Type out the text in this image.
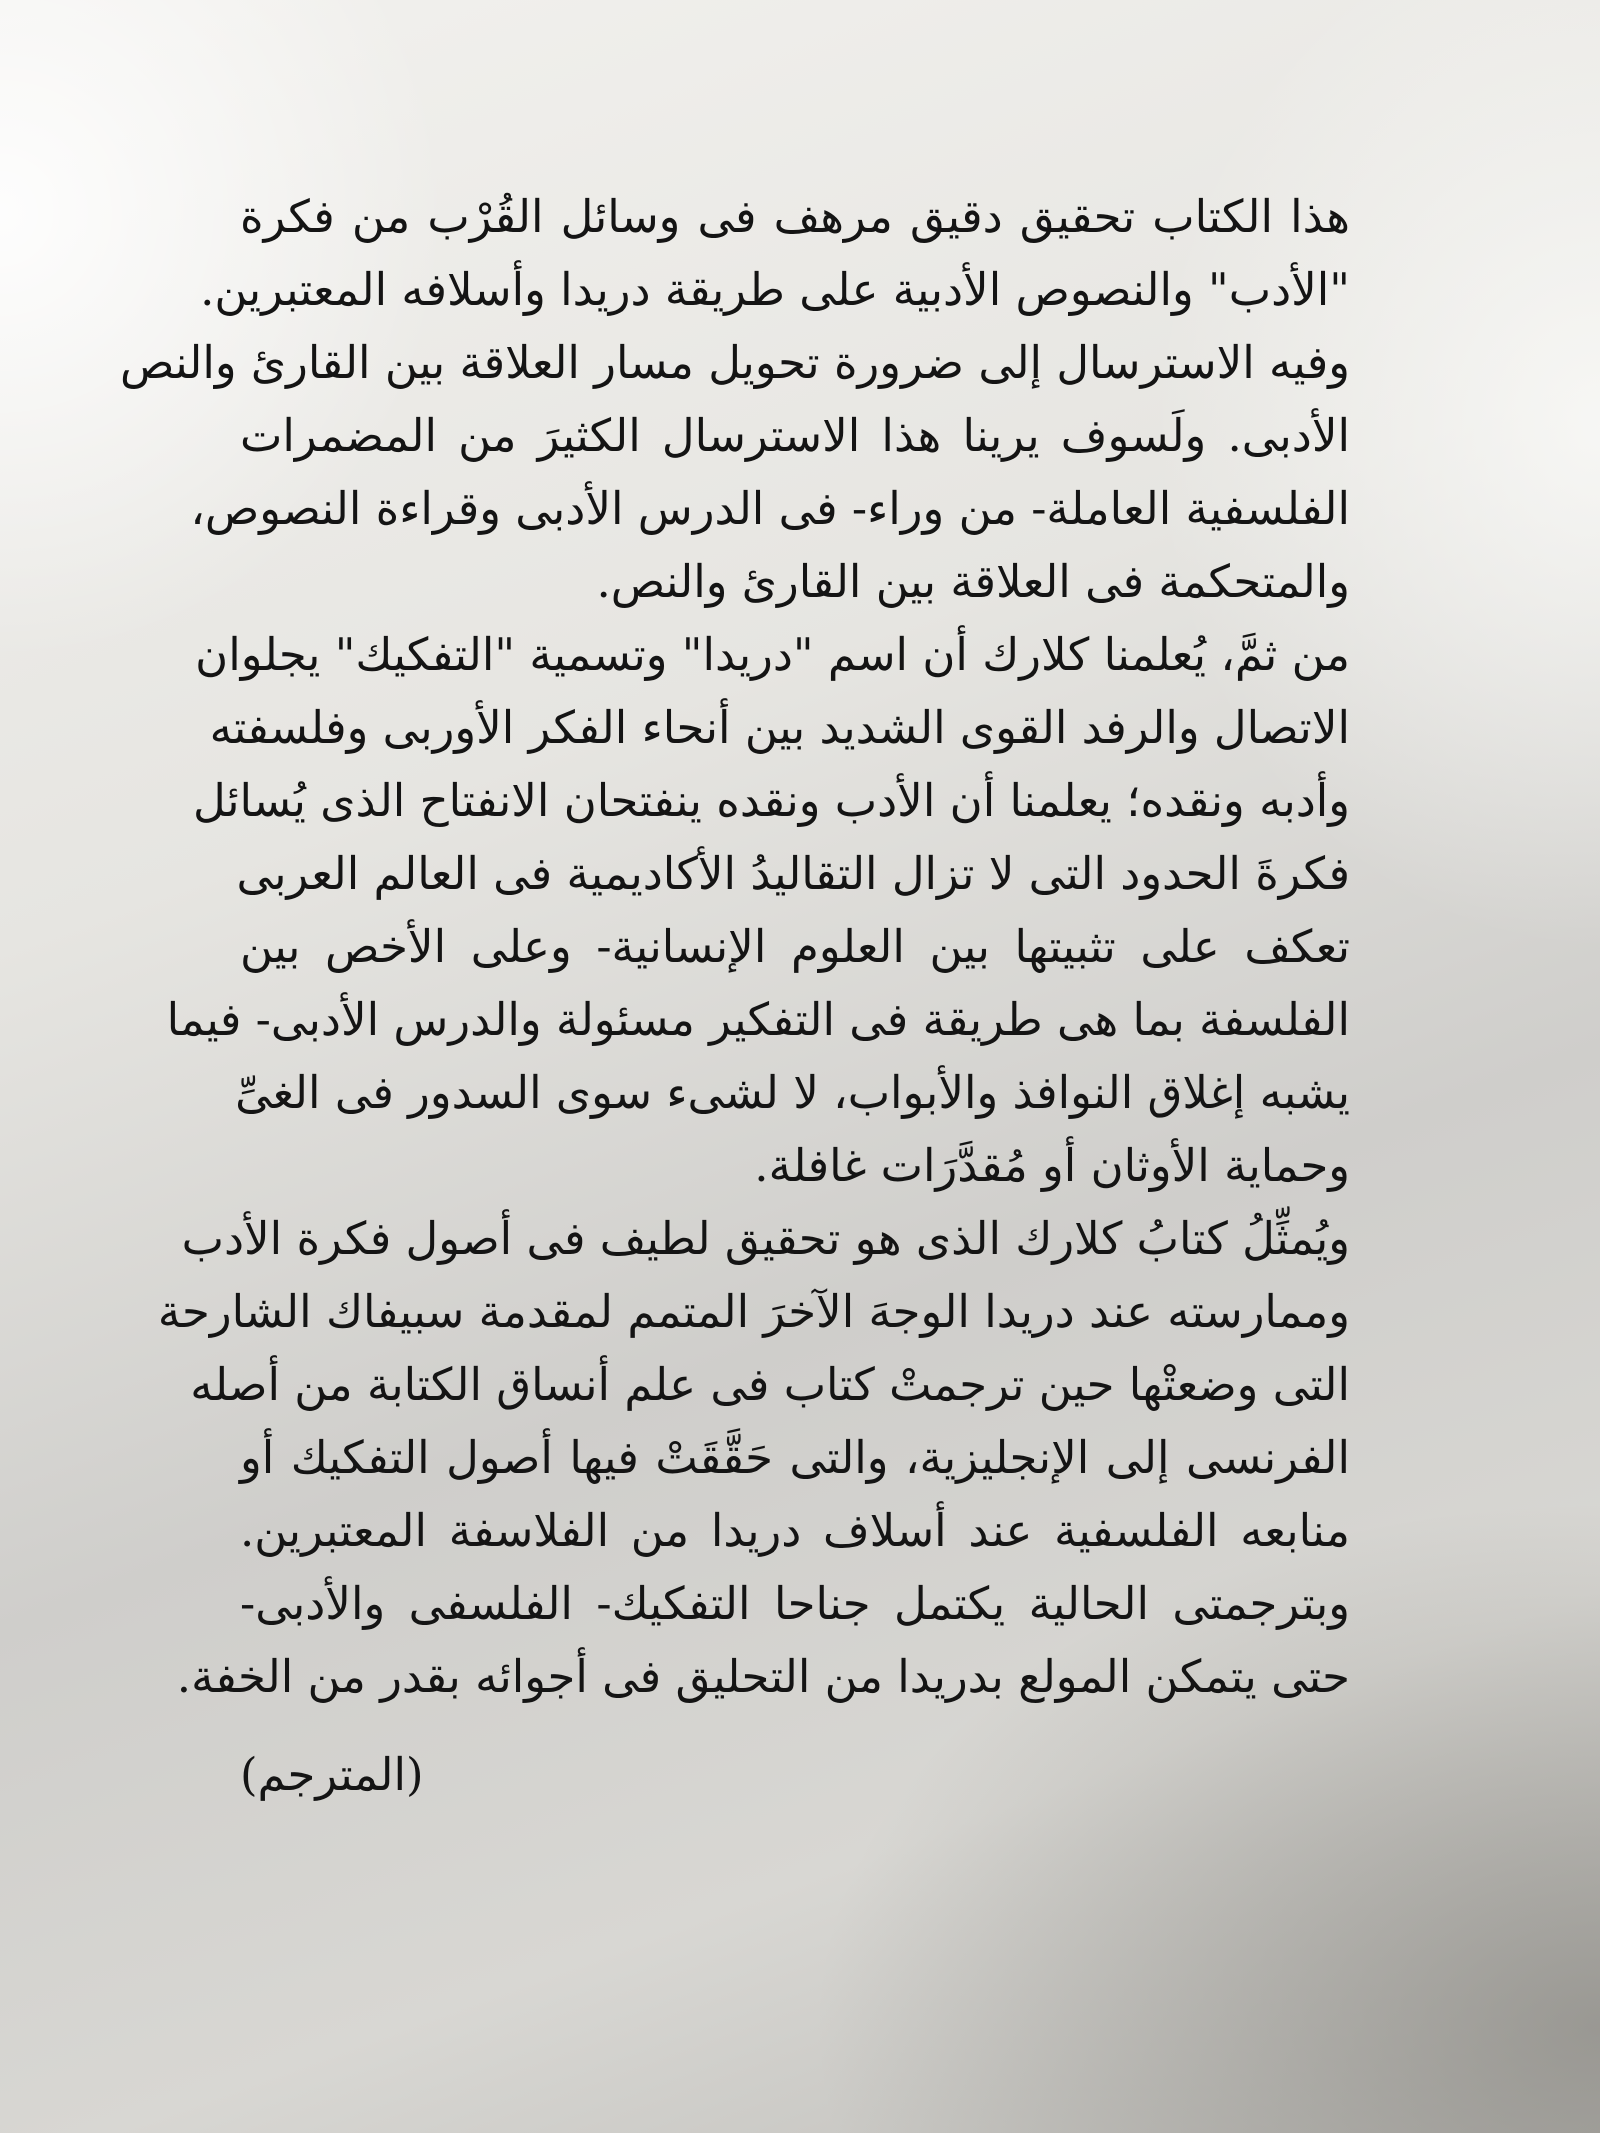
هذا الكتاب تحقيق دقيق مرهف فى وسائل القُرْب من فكرة
"الأدب" والنصوص الأدبية على طريقة دريدا وأسلافه المعتبرين.
وفيه الاسترسال إلى ضرورة تحويل مسار العلاقة بين القارئ والنص
الأدبى. ولَسوف يرينا هذا الاسترسال الكثيرَ من المضمرات
الفلسفية العاملة- من وراء- فى الدرس الأدبى وقراءة النصوص،
والمتحكمة فى العلاقة بين القارئ والنص.
من ثمَّ، يُعلمنا كلارك أن اسم "دريدا" وتسمية "التفكيك" يجلوان
الاتصال والرفد القوى الشديد بين أنحاء الفكر الأوربى وفلسفته
وأدبه ونقده؛ يعلمنا أن الأدب ونقده ينفتحان الانفتاح الذى يُسائل
فكرةَ الحدود التى لا تزال التقاليدُ الأكاديمية فى العالم العربى
تعكف على تثبيتها بين العلوم الإنسانية- وعلى الأخص بين
الفلسفة بما هى طريقة فى التفكير مسئولة والدرس الأدبى- فيما
يشبه إغلاق النوافذ والأبواب، لا لشىء سوى السدور فى الغىِّ
وحماية الأوثان أو مُقدَّرَات غافلة.
ويُمثِّلُ كتابُ كلارك الذى هو تحقيق لطيف فى أصول فكرة الأدب
وممارسته عند دريدا الوجهَ الآخرَ المتمم لمقدمة سبيفاك الشارحة
التى وضعتْها حين ترجمتْ كتاب فى علم أنساق الكتابة من أصله
الفرنسى إلى الإنجليزية، والتى حَقَّقَتْ فيها أصول التفكيك أو
منابعه الفلسفية عند أسلاف دريدا من الفلاسفة المعتبرين.
وبترجمتى الحالية يكتمل جناحا التفكيك- الفلسفى والأدبى-
حتى يتمكن المولع بدريدا من التحليق فى أجوائه بقدر من الخفة.
(المترجم)
